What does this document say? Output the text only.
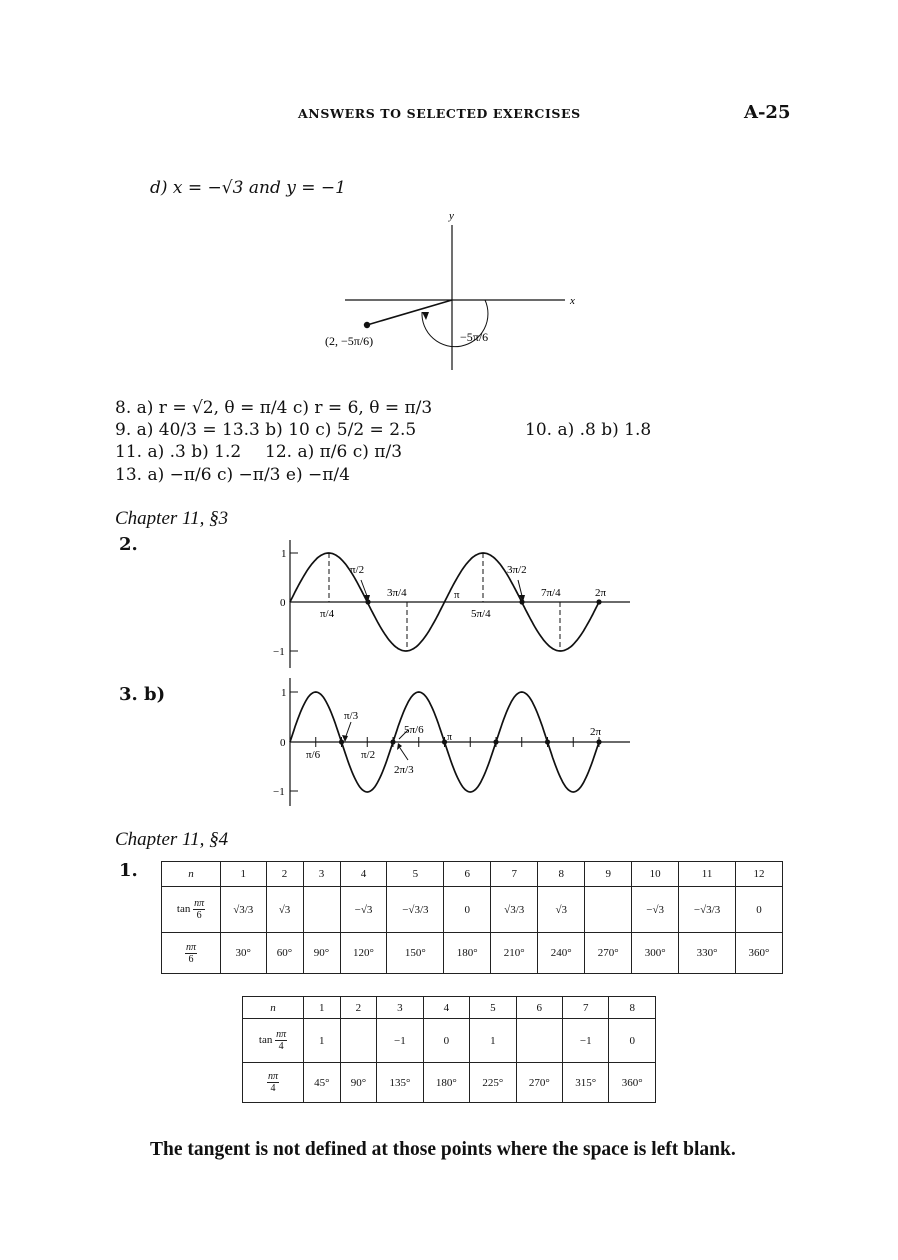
ANSWERS TO SELECTED EXERCISES	A-25
d) x = −√3 and y = −1
y
x
(2, −5π/6)	−5π/6
8. a) r = √2, θ = π/4 c) r = 6, θ = π/3
9. a) 40/3 = 13.3 b) 10 c) 5/2 = 2.5	10. a) .8 b) 1.8
11. a) .3 b) 1.2 12. a) π/6 c) π/3
13. a) −π/6 c) −π/3 e) −π/4
Chapter 11, §3
2.	1
0
−1
π/2
3π/4	π
3π/2
7π/4	2π
π/4	5π/4
3. b)	1
0
−1
π/3
5π/6
π	2π
π/6	π/2
2π/3
Chapter 11, §4
1.	n	1	2	3	4	5	6	7	8	9	10	11	12
$\tan \frac{n\pi}{6}$	√3/3	√3		−√3	−√3/3	0	√3/3	√3		−√3	−√3/3	0

$\frac{n\pi}{6}$	30°	60°	90°	120°	150°	180°	210°	240°	270°	300°	330°	360°
n	1	2	3	4	5	6	7	8
$\tan \frac{n\pi}{4}$	1		−1	0	1		−1	0

$\frac{n\pi}{4}$	45°	90°	135°	180°	225°	270°	315°	360°
The tangent is not defined at those points where the space is left blank.
